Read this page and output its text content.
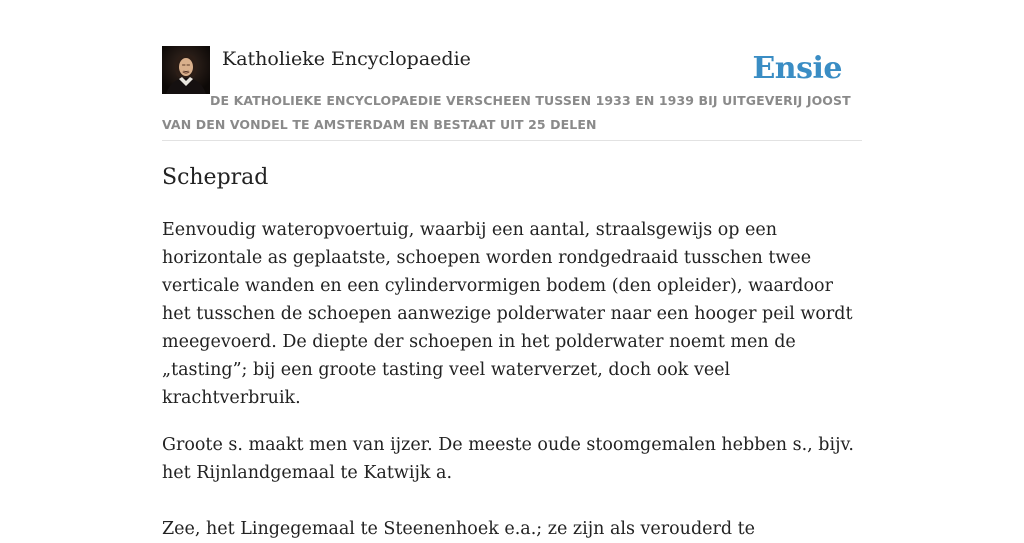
Katholieke Encyclopaedie	Ensie
DE KATHOLIEKE ENCYCLOPAEDIE VERSCHEEN TUSSEN 1933 EN 1939 BIJ UITGEVERIJ JOOST VAN DEN VONDEL TE AMSTERDAM EN BESTAAT UIT 25 DELEN
Scheprad

Eenvoudig wateropvoertuig, waarbij een aantal, straalsgewijs op een horizontale as geplaatste, schoepen worden rondgedraaid tusschen twee verticale wanden en een cylindervormigen bodem (den opleider), waardoor het tusschen de schoepen aanwezige polderwater naar een hooger peil wordt meegevoerd. De diepte der schoepen in het polderwater noemt men de „tasting”; bij een groote tasting veel waterverzet, doch ook veel krachtverbruik.

Groote s. maakt men van ijzer. De meeste oude stoomgemalen hebben s., bijv. het Rijnlandgemaal te Katwijk a.

Zee, het Lingegemaal te Steenenhoek e.a.; ze zijn als verouderd te
